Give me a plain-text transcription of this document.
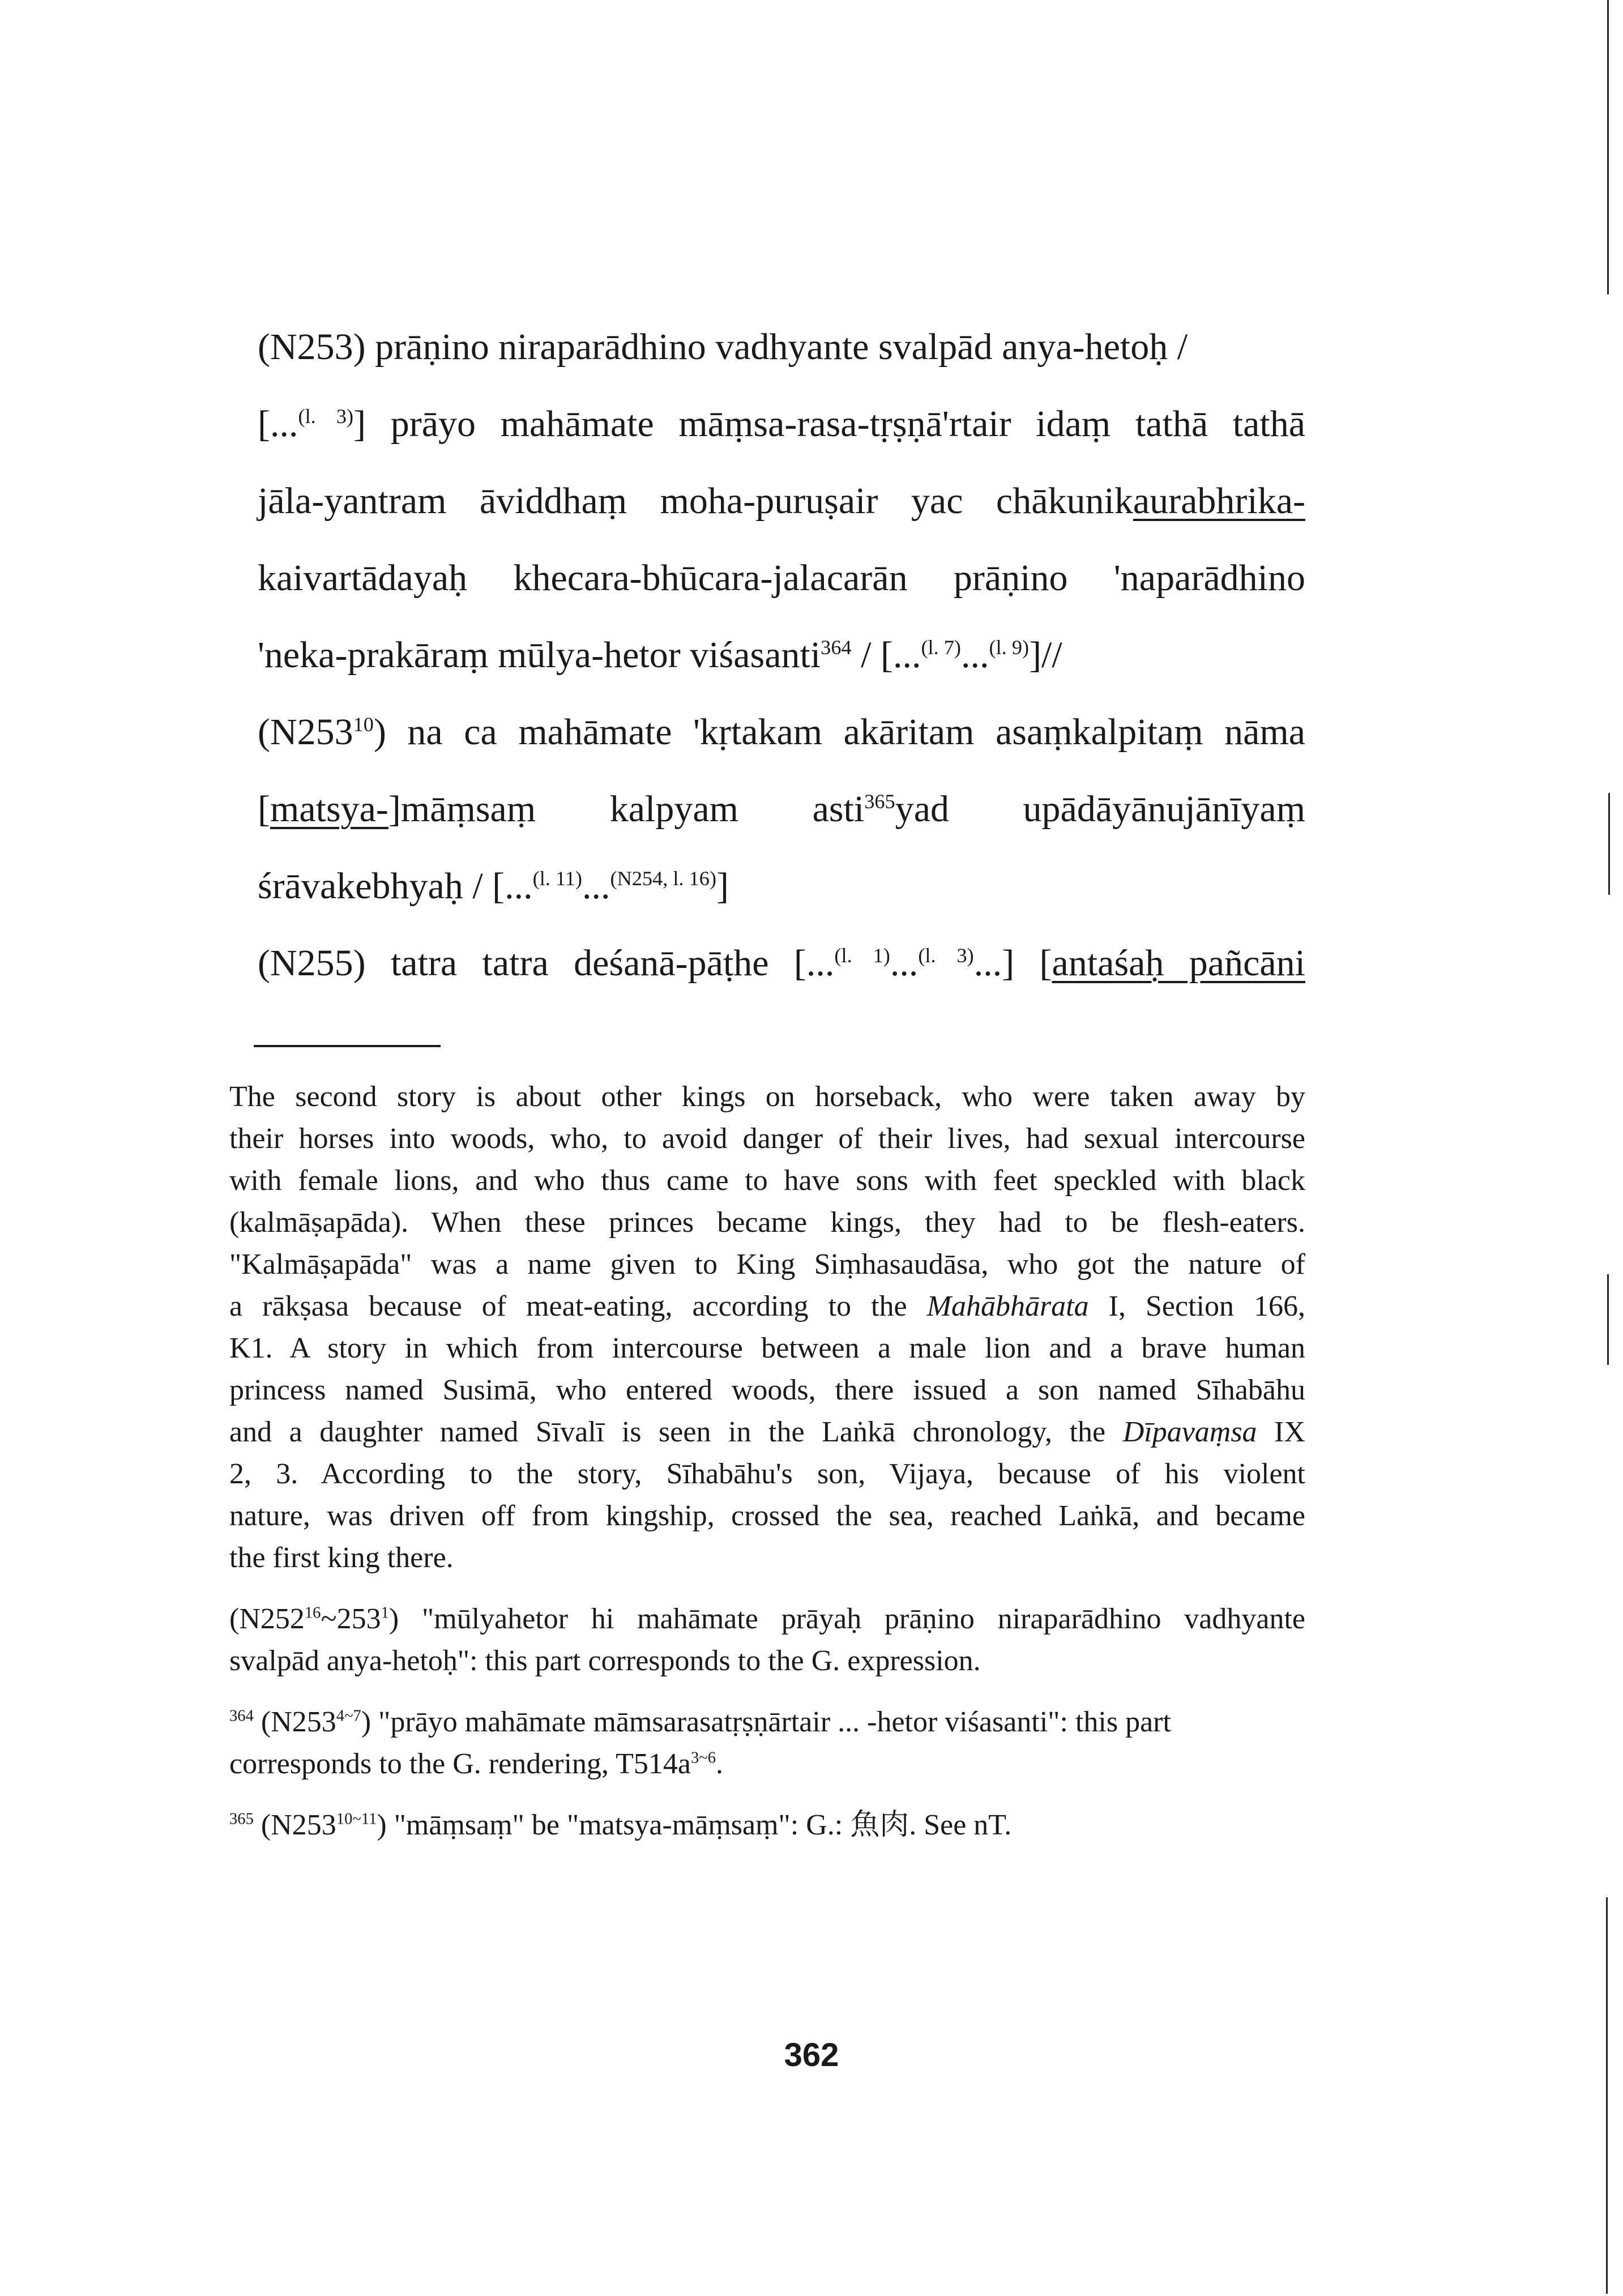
(N253) prāṇino niraparādhino vadhyante svalpād anya-hetoḥ /
[...$^{(l. 3)}$] prāyo mahāmate māṃsa-rasa-tṛṣṇā'rtair idaṃ tathā tathā
jāla-yantram āviddhaṃ moha-puruṣair yac chākunikaurabhrika-
kaivartādayaḥ khecara-bhūcara-jalacarān prāṇino 'naparādhino
'neka-prakāraṃ mūlya-hetor viśasanti$^{364}$ / [...$^{(l. 7)}$...$^{(l. 9)}$]//
$(N253^{10})$ na ca mahāmate 'kṛtakam akāritam asaṃkalpitaṃ nāma
[matsya-]māṃsaṃ kalpyam asti$^{365}$yad upādāyānujānīyaṃ
śrāvakebhyaḥ / [...$^{(l. 11)}$...$^{(N254, l. 16)}$]
(N255) tatra tatra deśanā-pāṭhe [...$^{(l. 1)}$...$^{(l. 3)}$...] [antaśaḥ pañcāni
The second story is about other kings on horseback, who were taken away by
their horses into woods, who, to avoid danger of their lives, had sexual intercourse
with female lions, and who thus came to have sons with feet speckled with black
(kalmāṣapāda). When these princes became kings, they had to be flesh-eaters.
"Kalmāṣapāda" was a name given to King Siṃhasaudāsa, who got the nature of
a rākṣasa because of meat-eating, according to the Mahābhārata I, Section 166,
K1. A story in which from intercourse between a male lion and a brave human
princess named Susimā, who entered woods, there issued a son named Sīhabāhu
and a daughter named Sīvalī is seen in the Laṅkā chronology, the Dīpavaṃsa IX
2, 3. According to the story, Sīhabāhu's son, Vijaya, because of his violent
nature, was driven off from kingship, crossed the sea, reached Laṅkā, and became
the first king there.
$(N252^{16}\sim 253^1)$ "mūlyahetor hi mahāmate prāyaḥ prāṇino niraparādhino vadhyante
svalpād anya-hetoḥ": this part corresponds to the G. expression.
$^{364}$ $(N253^{4\sim 7})$ "prāyo mahāmate māmsarasatṛṣṇārtair ... -hetor viśasanti": this part
corresponds to the G. rendering, $T514a^{3\sim 6}$.
$^{365}$ $(N253^{10\sim 11})$ "māṃsaṃ" be "matsya-māṃsaṃ": G.: 魚肉. See nT.
362
